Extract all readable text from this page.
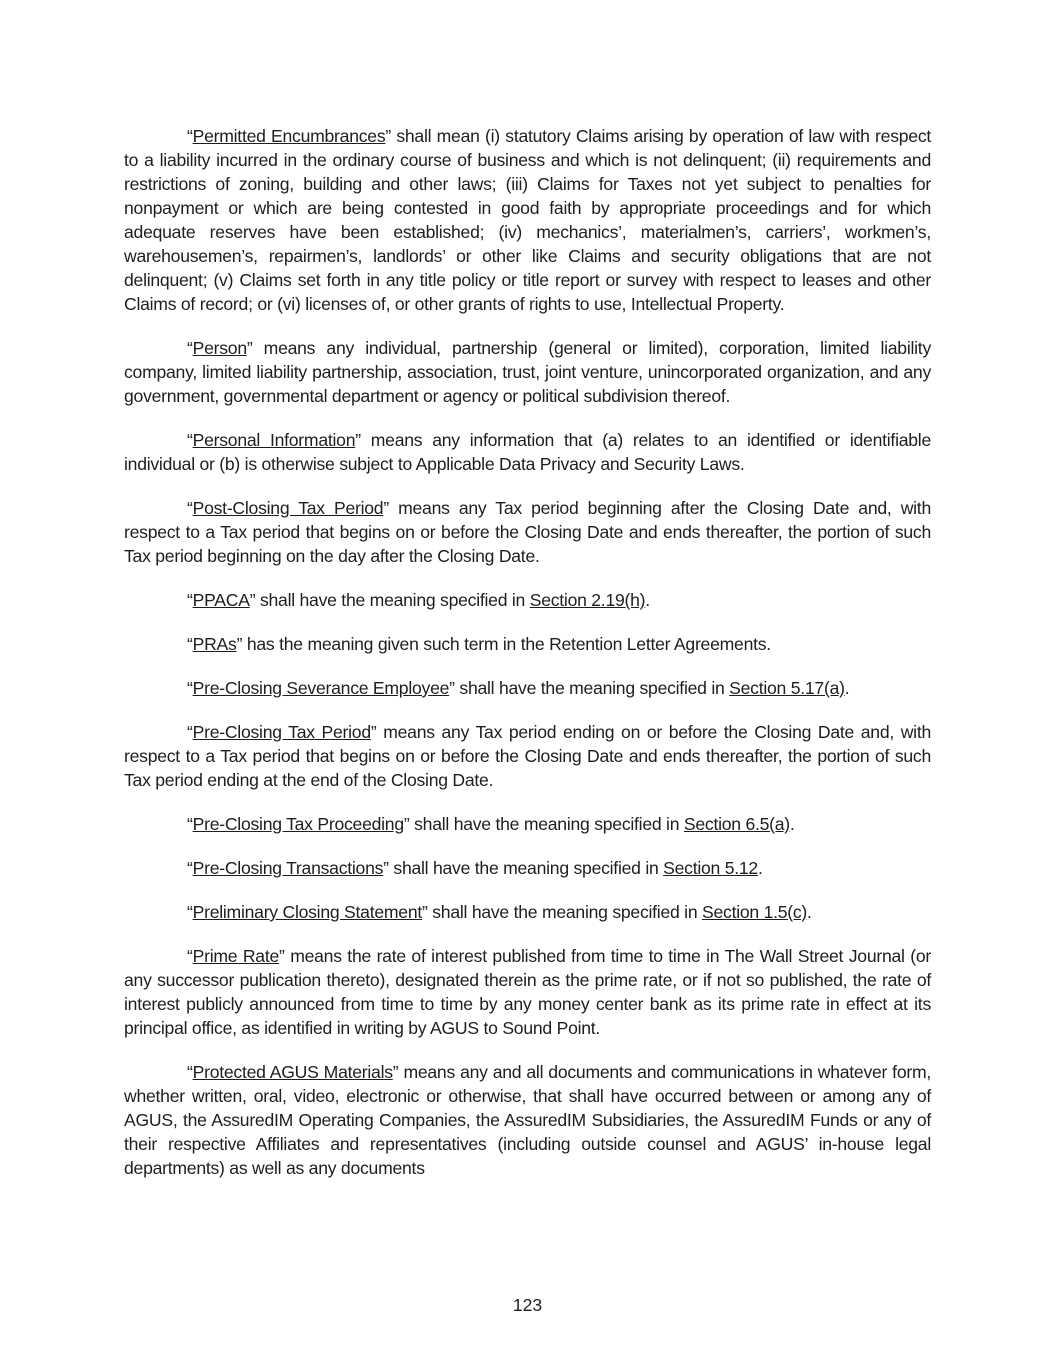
“Permitted Encumbrances” shall mean (i) statutory Claims arising by operation of law with respect to a liability incurred in the ordinary course of business and which is not delinquent; (ii) requirements and restrictions of zoning, building and other laws; (iii) Claims for Taxes not yet subject to penalties for nonpayment or which are being contested in good faith by appropriate proceedings and for which adequate reserves have been established; (iv) mechanics’, materialmen’s, carriers’, workmen’s, warehousemen’s, repairmen’s, landlords’ or other like Claims and security obligations that are not delinquent; (v) Claims set forth in any title policy or title report or survey with respect to leases and other Claims of record; or (vi) licenses of, or other grants of rights to use, Intellectual Property.

“Person” means any individual, partnership (general or limited), corporation, limited liability company, limited liability partnership, association, trust, joint venture, unincorporated organization, and any government, governmental department or agency or political subdivision thereof.

“Personal Information” means any information that (a) relates to an identified or identifiable individual or (b) is otherwise subject to Applicable Data Privacy and Security Laws.

“Post-Closing Tax Period” means any Tax period beginning after the Closing Date and, with respect to a Tax period that begins on or before the Closing Date and ends thereafter, the portion of such Tax period beginning on the day after the Closing Date.

“PPACA” shall have the meaning specified in Section 2.19(h).

“PRAs” has the meaning given such term in the Retention Letter Agreements.

“Pre-Closing Severance Employee” shall have the meaning specified in Section 5.17(a).

“Pre-Closing Tax Period” means any Tax period ending on or before the Closing Date and, with respect to a Tax period that begins on or before the Closing Date and ends thereafter, the portion of such Tax period ending at the end of the Closing Date.

“Pre-Closing Tax Proceeding” shall have the meaning specified in Section 6.5(a).

“Pre-Closing Transactions” shall have the meaning specified in Section 5.12.

“Preliminary Closing Statement” shall have the meaning specified in Section 1.5(c).

“Prime Rate” means the rate of interest published from time to time in The Wall Street Journal (or any successor publication thereto), designated therein as the prime rate, or if not so published, the rate of interest publicly announced from time to time by any money center bank as its prime rate in effect at its principal office, as identified in writing by AGUS to Sound Point.

“Protected AGUS Materials” means any and all documents and communications in whatever form, whether written, oral, video, electronic or otherwise, that shall have occurred between or among any of AGUS, the AssuredIM Operating Companies, the AssuredIM Subsidiaries, the AssuredIM Funds or any of their respective Affiliates and representatives (including outside counsel and AGUS’ in-house legal departments) as well as any documents

123
